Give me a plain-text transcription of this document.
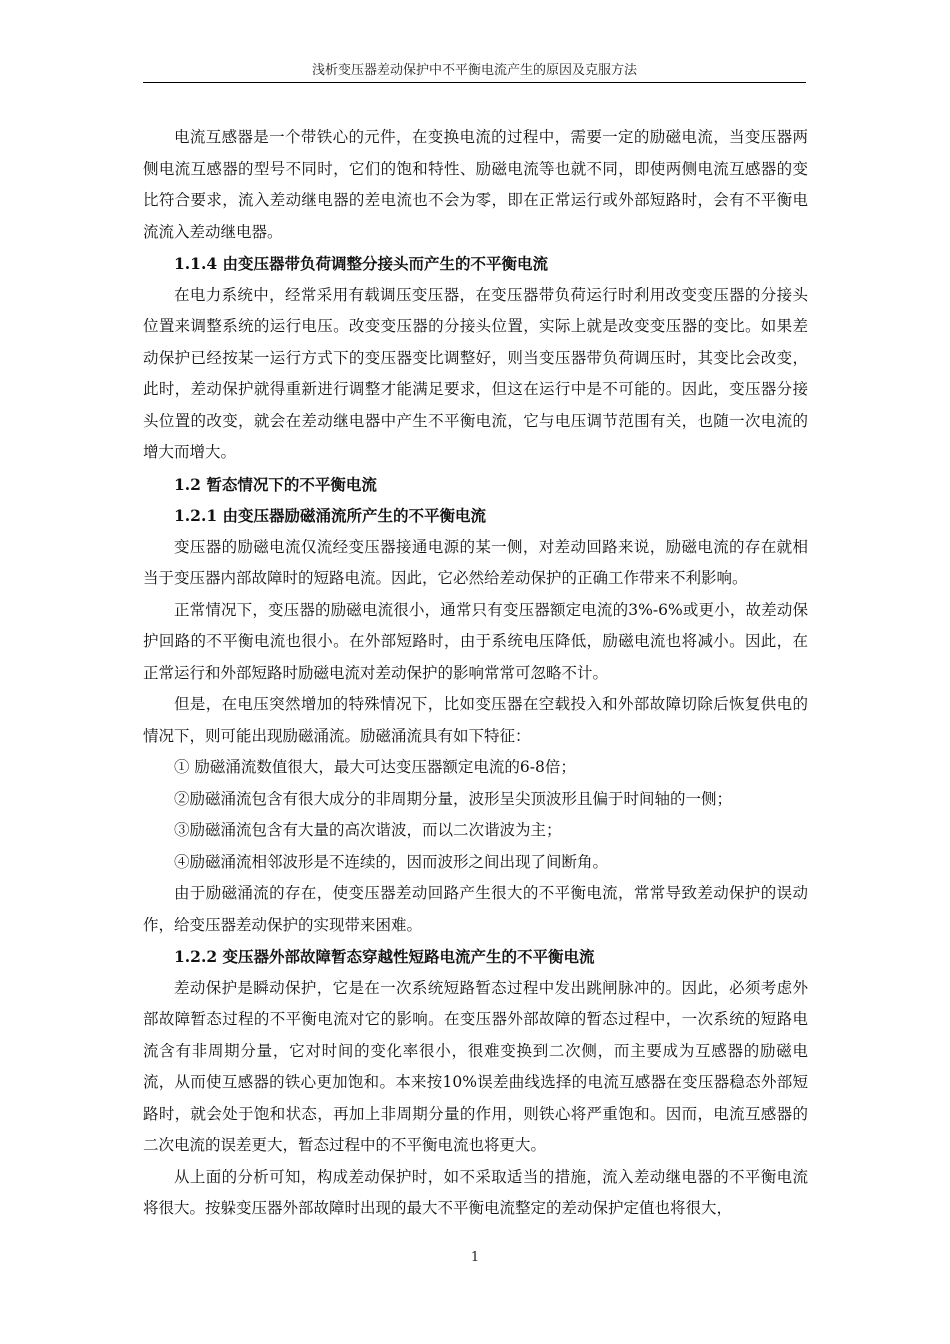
浅析变压器差动保护中不平衡电流产生的原因及克服方法

电流互感器是一个带铁心的元件，在变换电流的过程中，需要一定的励磁电流，当变压器两侧电流互感器的型号不同时，它们的饱和特性、励磁电流等也就不同，即使两侧电流互感器的变比符合要求，流入差动继电器的差电流也不会为零，即在正常运行或外部短路时，会有不平衡电流流入差动继电器。

1.1.4 由变压器带负荷调整分接头而产生的不平衡电流

在电力系统中，经常采用有载调压变压器，在变压器带负荷运行时利用改变变压器的分接头位置来调整系统的运行电压。改变变压器的分接头位置，实际上就是改变变压器的变比。如果差动保护已经按某一运行方式下的变压器变比调整好，则当变压器带负荷调压时，其变比会改变，此时，差动保护就得重新进行调整才能满足要求，但这在运行中是不可能的。因此，变压器分接头位置的改变，就会在差动继电器中产生不平衡电流，它与电压调节范围有关，也随一次电流的增大而增大。

1.2 暂态情况下的不平衡电流

1.2.1 由变压器励磁涌流所产生的不平衡电流

变压器的励磁电流仅流经变压器接通电源的某一侧，对差动回路来说，励磁电流的存在就相当于变压器内部故障时的短路电流。因此，它必然给差动保护的正确工作带来不利影响。

正常情况下，变压器的励磁电流很小，通常只有变压器额定电流的3%-6%或更小，故差动保护回路的不平衡电流也很小。在外部短路时，由于系统电压降低，励磁电流也将减小。因此，在正常运行和外部短路时励磁电流对差动保护的影响常常可忽略不计。

但是，在电压突然增加的特殊情况下，比如变压器在空载投入和外部故障切除后恢复供电的情况下，则可能出现励磁涌流。励磁涌流具有如下特征：

① 励磁涌流数值很大，最大可达变压器额定电流的6-8倍；

②励磁涌流包含有很大成分的非周期分量，波形呈尖顶波形且偏于时间轴的一侧；

③励磁涌流包含有大量的高次谐波，而以二次谐波为主；

④励磁涌流相邻波形是不连续的，因而波形之间出现了间断角。

由于励磁涌流的存在，使变压器差动回路产生很大的不平衡电流，常常导致差动保护的误动作，给变压器差动保护的实现带来困难。

1.2.2 变压器外部故障暂态穿越性短路电流产生的不平衡电流

差动保护是瞬动保护，它是在一次系统短路暂态过程中发出跳闸脉冲的。因此，必须考虑外部故障暂态过程的不平衡电流对它的影响。在变压器外部故障的暂态过程中，一次系统的短路电流含有非周期分量，它对时间的变化率很小，很难变换到二次侧，而主要成为互感器的励磁电流，从而使互感器的铁心更加饱和。本来按10%误差曲线选择的电流互感器在变压器稳态外部短路时，就会处于饱和状态，再加上非周期分量的作用，则铁心将严重饱和。因而，电流互感器的二次电流的误差更大，暂态过程中的不平衡电流也将更大。

从上面的分析可知，构成差动保护时，如不采取适当的措施，流入差动继电器的不平衡电流将很大。按躲变压器外部故障时出现的最大不平衡电流整定的差动保护定值也将很大，

1
